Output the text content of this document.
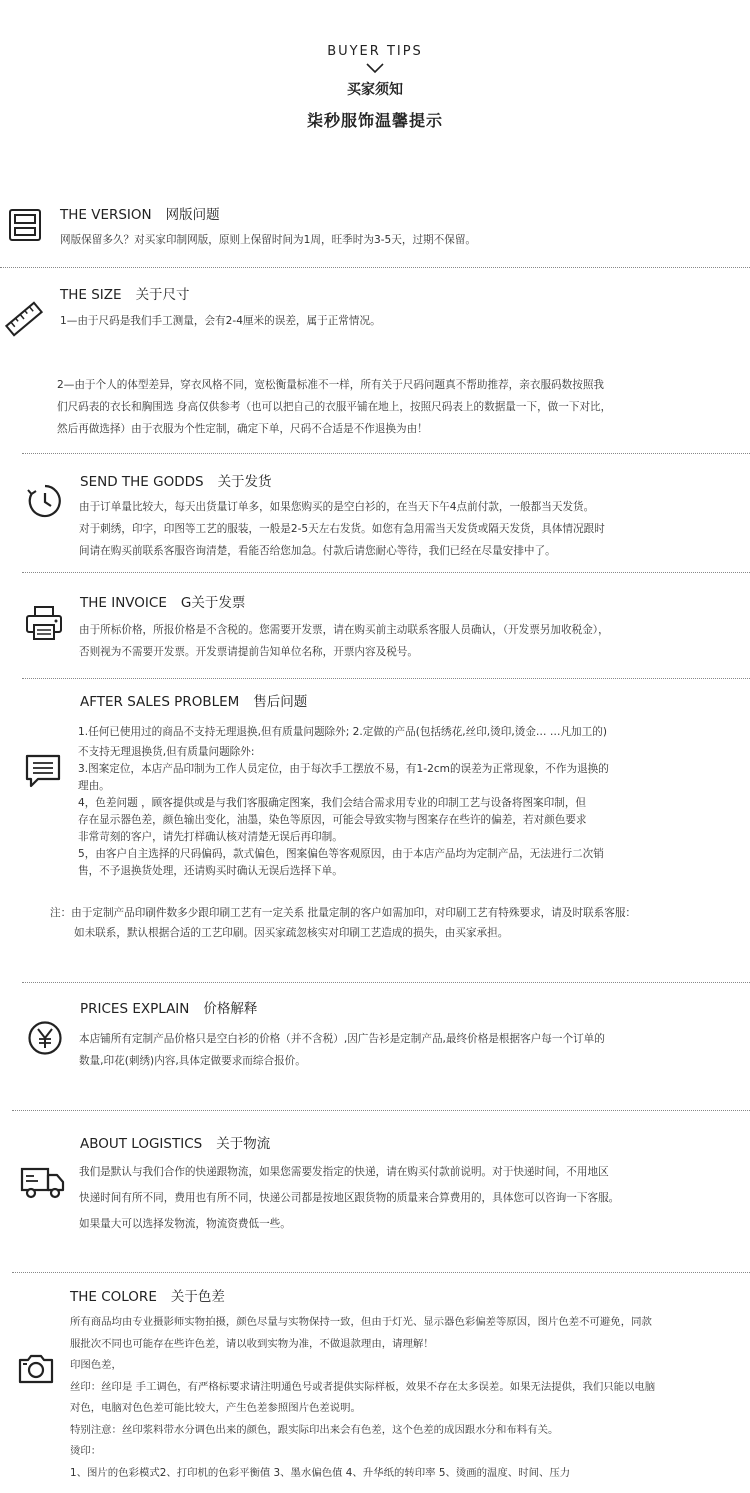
BUYER TIPS
买家须知
柒秒服饰温馨提示
THE VERSION 网版问题

网版保留多久？对买家印制网版，原则上保留时间为1周，旺季时为3-5天，过期不保留。

THE SIZE 关于尺寸

1—由于尺码是我们手工测量，会有2-4厘米的误差，属于正常情况。

2—由于个人的体型差异，穿衣风格不同，宽松衡量标准不一样，所有关于尺码问题真不帮助推荐，亲衣服码数按照我

们尺码表的衣长和胸围选 身高仅供参考（也可以把自己的衣服平铺在地上，按照尺码表上的数据量一下，做一下对比，

然后再做选择）由于衣服为个性定制，确定下单，尺码不合适是不作退换为由！

SEND THE GODDS 关于发货

由于订单量比较大，每天出货量订单多，如果您购买的是空白衫的，在当天下午4点前付款，一般都当天发货。

对于刺绣，印字，印图等工艺的服装，一般是2-5天左右发货。如您有急用需当天发货或隔天发货，具体情况跟时

间请在购买前联系客服咨询清楚，看能否给您加急。付款后请您耐心等待，我们已经在尽量安排中了。

THE INVOICE G关于发票

由于所标价格，所报价格是不含税的。您需要开发票，请在购买前主动联系客服人员确认，（开发票另加收税金），

否则视为不需要开发票。开发票请提前告知单位名称，开票内容及税号。

AFTER SALES PROBLEM 售后问题

1.任何已使用过的商品不支持无理退换,但有质量问题除外; 2.定做的产品(包括绣花,丝印,烫印,烫金… …凡加工的)

不支持无理退换货,但有质量问题除外:

3.图案定位，本店产品印制为工作人员定位，由于每次手工摆放不易，有1-2cm的误差为正常现象，不作为退换的

理由。

4，色差问题 ，顾客提供或是与我们客服确定图案，我们会结合需求用专业的印制工艺与设备将图案印制，但

存在显示器色差，颜色输出变化，油墨，染色等原因，可能会导致实物与图案存在些许的偏差，若对颜色要求

非常苛刻的客户，请先打样确认核对清楚无误后再印制。

5，由客户自主选择的尺码偏码，款式偏色，图案偏色等客观原因，由于本店产品均为定制产品，无法进行二次销

售，不予退换货处理，还请购买时确认无误后选择下单。

注：由于定制产品印刷件数多少跟印刷工艺有一定关系 批量定制的客户如需加印，对印刷工艺有特殊要求，请及时联系客服：

如未联系，默认根据合适的工艺印刷。因买家疏忽核实对印刷工艺造成的损失，由买家承担。

PRICES EXPLAIN 价格解释

本店铺所有定制产品价格只是空白衫的价格（并不含税）,因广告衫是定制产品,最终价格是根据客户每一个订单的

数量,印花(刺绣)内容,具体定做要求而综合报价。

ABOUT LOGISTICS 关于物流

我们是默认与我们合作的快递跟物流，如果您需要发指定的快递，请在购买付款前说明。对于快递时间，不用地区

快递时间有所不同，费用也有所不同，快递公司都是按地区跟货物的质量来合算费用的，具体您可以咨询一下客服。

如果量大可以选择发物流，物流资费低一些。

THE COLORE 关于色差

所有商品均由专业摄影师实物拍摄，颜色尽量与实物保持一致，但由于灯光、显示器色彩偏差等原因，图片色差不可避免，同款

服批次不同也可能存在些许色差，请以收到实物为准，不做退款理由，请理解！

印图色差，

丝印：丝印是 手工调色，有严格标要求请注明通色号或者提供实际样板，效果不存在太多误差。如果无法提供，我们只能以电脑

对色，电脑对色色差可能比较大，产生色差参照图片色差说明。

特别注意：丝印浆料带水分调色出来的颜色，跟实际印出来会有色差，这个色差的成因跟水分和布料有关。

烫印：

1、图片的色彩模式2、打印机的色彩平衡值 3、墨水偏色值 4、升华纸的转印率 5、烫画的温度、时间、压力
